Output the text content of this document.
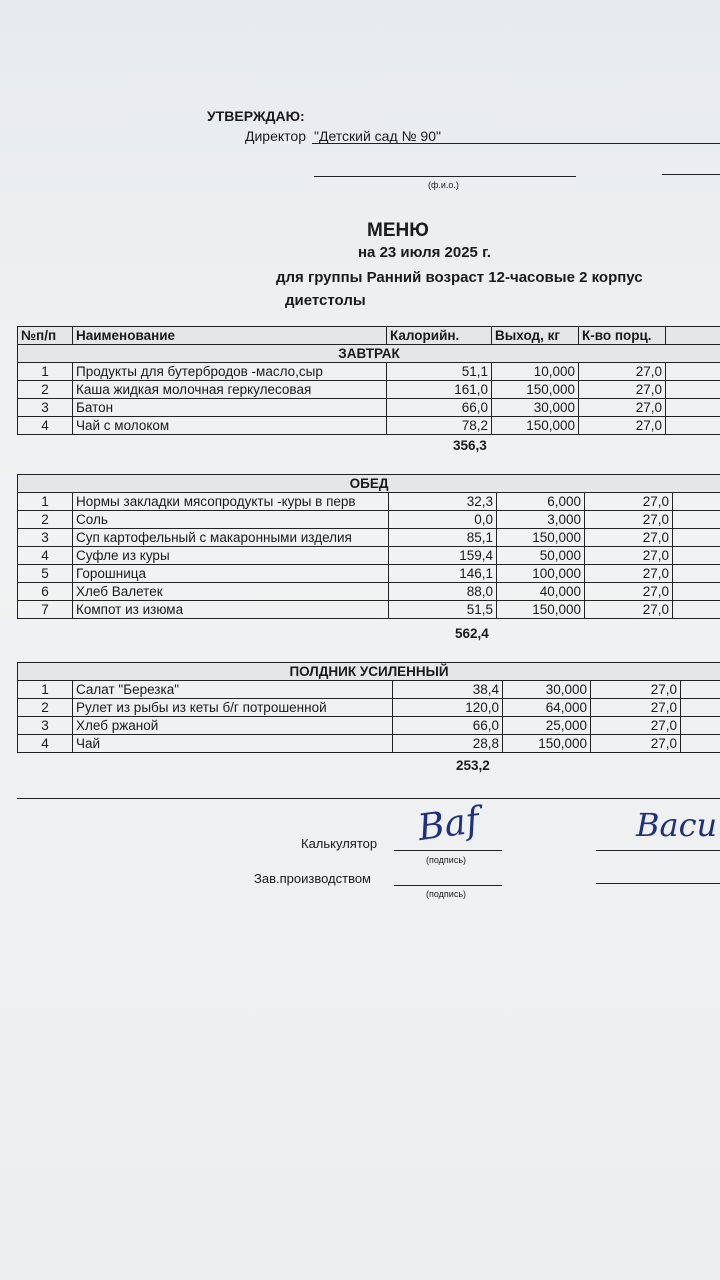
УТВЕРЖДАЮ:
Директор "Детский сад № 90"
(ф.и.о.)
МЕНЮ
на 23 июля 2025 г.
для группы Ранний возраст 12-часовые 2 корпус
диетстолы
№п/п	Наименование	Калорийн.	Выход, кг	К-во порц.	
ЗАВТРАК					
1	Продукты для бутербродов -масло,сыр	51,1	10,000	27,0	
2	Каша жидкая молочная геркулесовая	161,0	150,000	27,0	
3	Батон	66,0	30,000	27,0	
4	Чай с молоком	78,2	150,000	27,0	
356,3
ОБЕД					
1	Нормы закладки мясопродукты -куры в перв	32,3	6,000	27,0	
2	Соль	0,0	3,000	27,0	
3	Суп картофельный с макаронными изделия	85,1	150,000	27,0	
4	Суфле из куры	159,4	50,000	27,0	
5	Горошница	146,1	100,000	27,0	
6	Хлеб Валетек	88,0	40,000	27,0	
7	Компот из изюма	51,5	150,000	27,0	
562,4
ПОЛДНИК УСИЛЕННЫЙ					
1	Салат "Березка"	38,4	30,000	27,0	
2	Рулет из рыбы из кеты б/г потрошенной	120,0	64,000	27,0	
3	Хлеб ржаной	66,0	25,000	27,0	
4	Чай	28,8	150,000	27,0	
253,2
Калькулятор
(подпись)
Ваf	Васи
Зав.производством
(подпись)
